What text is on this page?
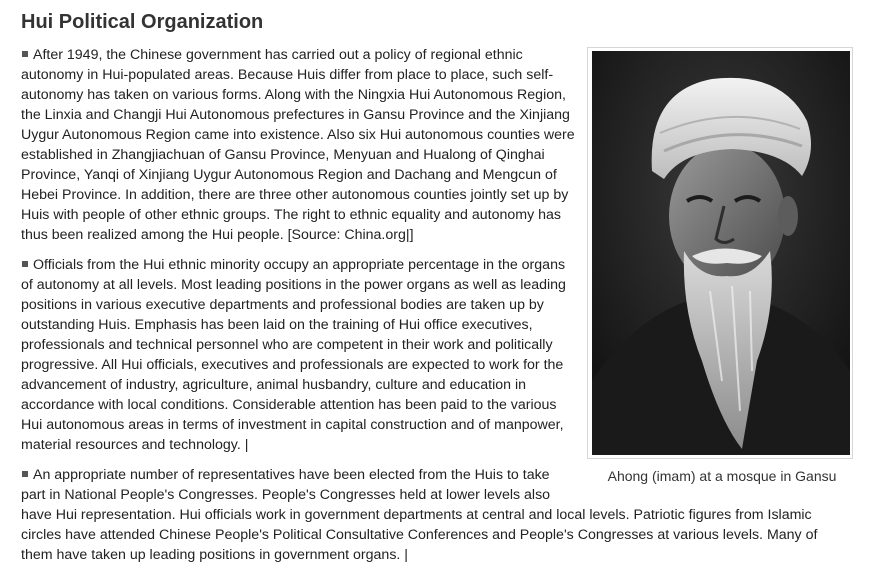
Hui Political Organization
Ahong (imam) at a mosque in Gansu

After 1949, the Chinese government has carried out a policy of regional ethnic autonomy in Hui-populated areas. Because Huis differ from place to place, such self-autonomy has taken on various forms. Along with the Ningxia Hui Autonomous Region, the Linxia and Changji Hui Autonomous prefectures in Gansu Province and the Xinjiang Uygur Autonomous Region came into existence. Also six Hui autonomous counties were established in Zhangjiachuan of Gansu Province, Menyuan and Hualong of Qinghai Province, Yanqi of Xinjiang Uygur Autonomous Region and Dachang and Mengcun of Hebei Province. In addition, there are three other autonomous counties jointly set up by Huis with people of other ethnic groups. The right to ethnic equality and autonomy has thus been realized among the Hui people. [Source: China.org|]

Officials from the Hui ethnic minority occupy an appropriate percentage in the organs of autonomy at all levels. Most leading positions in the power organs as well as leading positions in various executive departments and professional bodies are taken up by outstanding Huis. Emphasis has been laid on the training of Hui office executives, professionals and technical personnel who are competent in their work and politically progressive. All Hui officials, executives and professionals are expected to work for the advancement of industry, agriculture, animal husbandry, culture and education in accordance with local conditions. Considerable attention has been paid to the various Hui autonomous areas in terms of investment in capital construction and of manpower, material resources and technology. |

An appropriate number of representatives have been elected from the Huis to take part in National People's Congresses. People's Congresses held at lower levels also have Hui representation. Hui officials work in government departments at central and local levels. Patriotic figures from Islamic circles have attended Chinese People's Political Consultative Conferences and People's Congresses at various levels. Many of them have taken up leading positions in government organs. |
